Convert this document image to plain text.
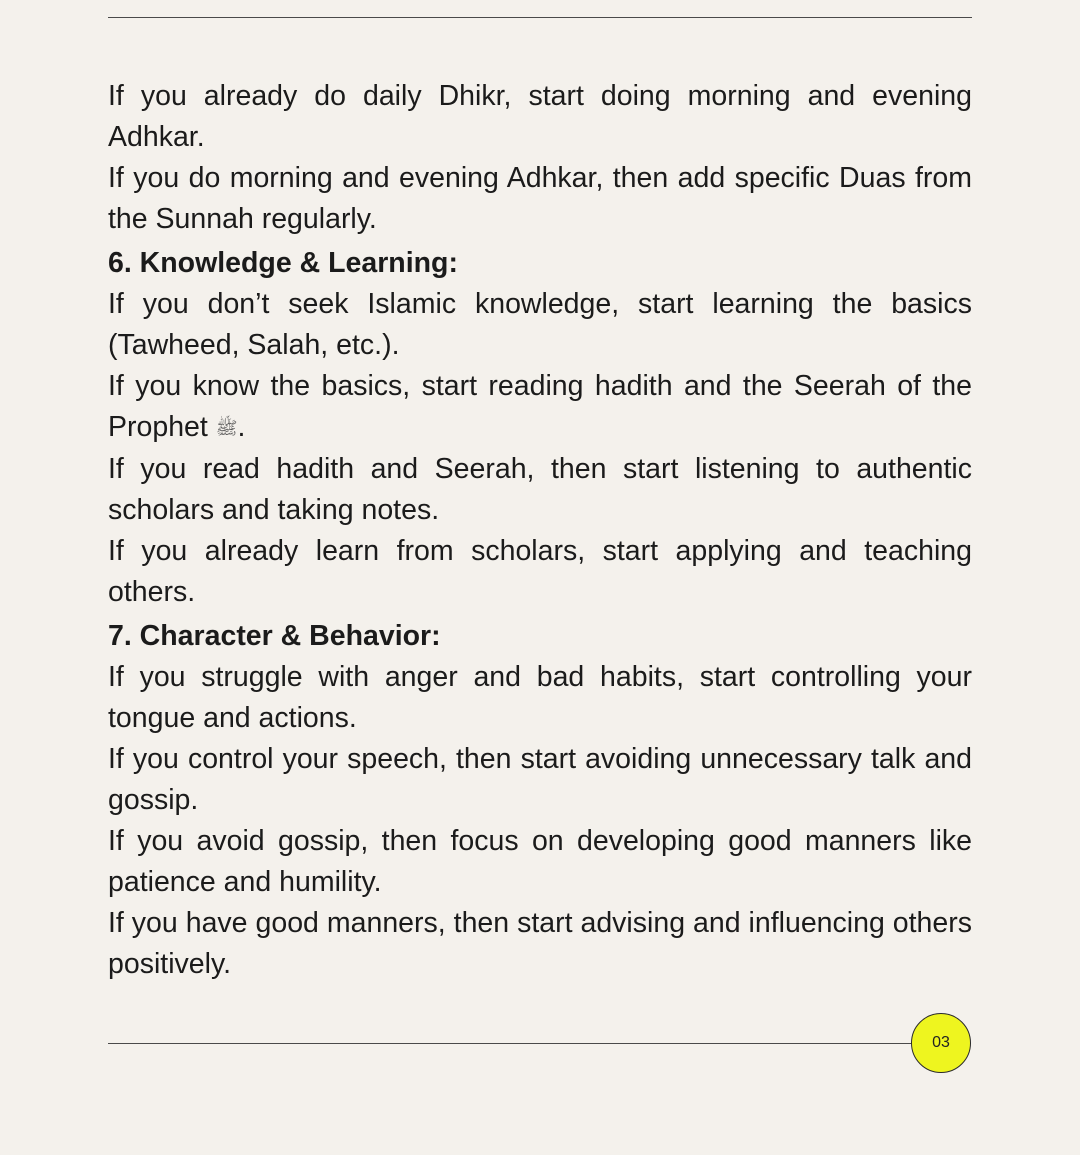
If you already do daily Dhikr, start doing morning and evening Adhkar.

If you do morning and evening Adhkar, then add specific Duas from the Sunnah regularly.

6. Knowledge & Learning:

If you don’t seek Islamic knowledge, start learning the basics (Tawheed, Salah, etc.).

If you know the basics, start reading hadith and the Seerah of the Prophet ﷺ.

If you read hadith and Seerah, then start listening to authentic scholars and taking notes.

If you already learn from scholars, start applying and teaching others.

7. Character & Behavior:

If you struggle with anger and bad habits, start controlling your tongue and actions.

If you control your speech, then start avoiding unnecessary talk and gossip.

If you avoid gossip, then focus on developing good manners like patience and humility.

If you have good manners, then start advising and influencing others positively.

03
